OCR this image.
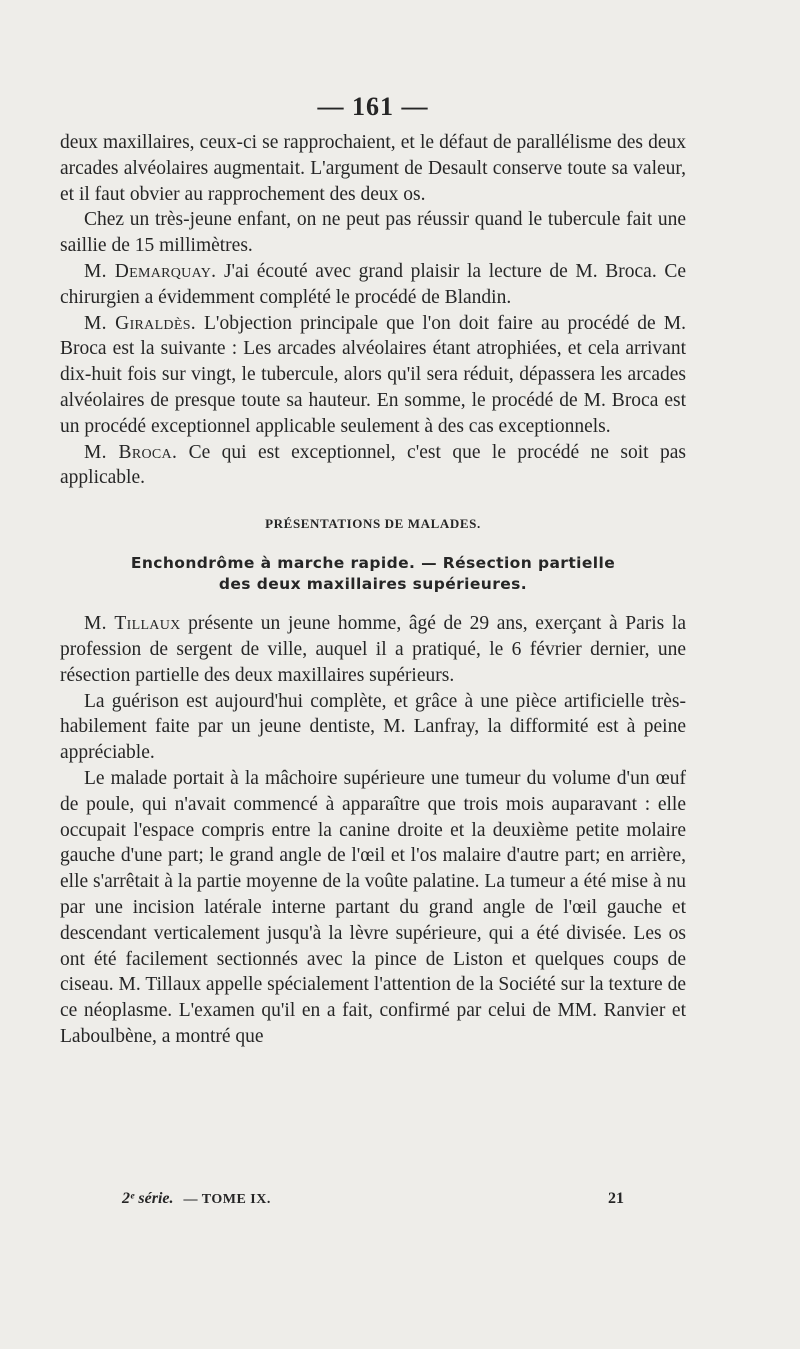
— 161 —

deux maxillaires, ceux-ci se rapprochaient, et le défaut de parallélisme des deux arcades alvéolaires augmentait. L'argument de Desault conserve toute sa valeur, et il faut obvier au rapprochement des deux os.

Chez un très-jeune enfant, on ne peut pas réussir quand le tubercule fait une saillie de 15 millimètres.

M. Demarquay. J'ai écouté avec grand plaisir la lecture de M. Broca. Ce chirurgien a évidemment complété le procédé de Blandin.

M. Giraldès. L'objection principale que l'on doit faire au procédé de M. Broca est la suivante : Les arcades alvéolaires étant atrophiées, et cela arrivant dix-huit fois sur vingt, le tubercule, alors qu'il sera réduit, dépassera les arcades alvéolaires de presque toute sa hauteur. En somme, le procédé de M. Broca est un procédé exceptionnel applicable seulement à des cas exceptionnels.

M. Broca. Ce qui est exceptionnel, c'est que le procédé ne soit pas applicable.

PRÉSENTATIONS DE MALADES.
Enchondrôme à marche rapide. — Résection partielle
des deux maxillaires supérieures.

M. Tillaux présente un jeune homme, âgé de 29 ans, exerçant à Paris la profession de sergent de ville, auquel il a pratiqué, le 6 février dernier, une résection partielle des deux maxillaires supérieurs.

La guérison est aujourd'hui complète, et grâce à une pièce artificielle très-habilement faite par un jeune dentiste, M. Lanfray, la difformité est à peine appréciable.

Le malade portait à la mâchoire supérieure une tumeur du volume d'un œuf de poule, qui n'avait commencé à apparaître que trois mois auparavant : elle occupait l'espace compris entre la canine droite et la deuxième petite molaire gauche d'une part; le grand angle de l'œil et l'os malaire d'autre part; en arrière, elle s'arrêtait à la partie moyenne de la voûte palatine. La tumeur a été mise à nu par une incision latérale interne partant du grand angle de l'œil gauche et descendant verticalement jusqu'à la lèvre supérieure, qui a été divisée. Les os ont été facilement sectionnés avec la pince de Liston et quelques coups de ciseau. M. Tillaux appelle spécialement l'attention de la Société sur la texture de ce néoplasme. L'examen qu'il en a fait, confirmé par celui de MM. Ranvier et Laboulbène, a montré que

2ᵉ série. — TOME IX.	21
